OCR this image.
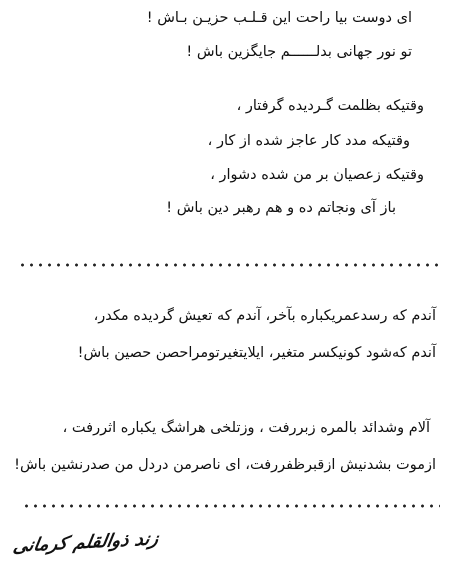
ای دوست بیا راحت این قـلـب حزیـن بـاش !
تو نور جهانی بدلــــــم جایگزین باش !
وقتیکه بظلمت گـردیده گرفتار ،
وقتیکه مدد کار عاجز شده از کار ،
وقتیکه زعصیان بر من شده دشوار ،
باز آی ونجاتم ده و هم رهبر دین باش !
آندم که رسدعمریکباره بآخر، آندم که تعیش گردیده مکدر،
آندم کەشود کونیکسر متغیر، ایلایتغیرتومراحصن حصین باش!
آلام وشدائد بالمره زبررفت ، وزتلخی هراشگ یکباره اثررفت ،
ازموت بشدنیش ازقبرظفررفت، ای ناصرمن دردل من صدرنشین باش!
زند ذوالقلم کرمانی
